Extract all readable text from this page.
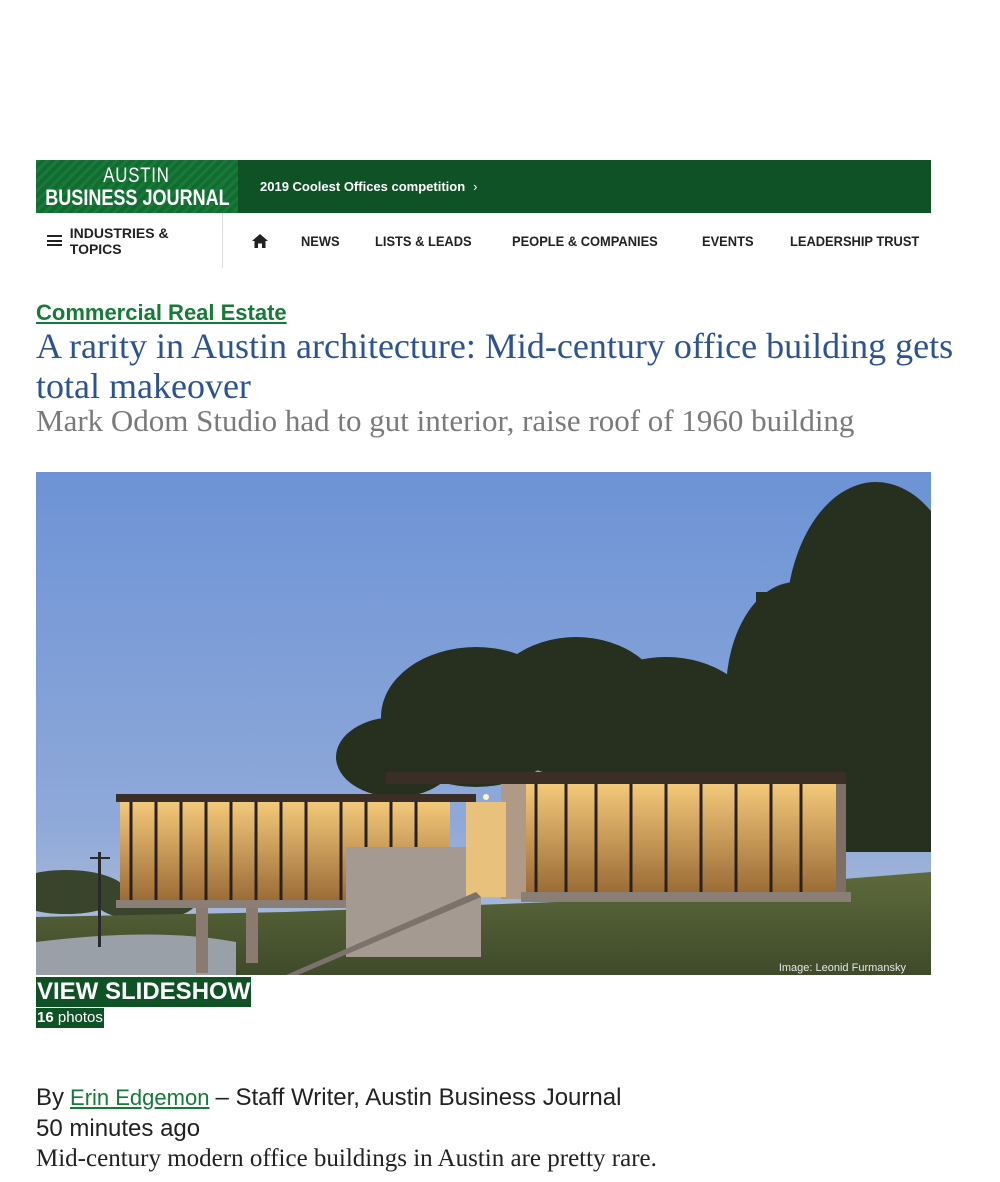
AUSTIN
BUSINESS JOURNAL 2019 Coolest Offices competition ›
INDUSTRIES & TOPICS	NEWS	LISTS & LEADS	PEOPLE & COMPANIES	EVENTS	LEADERSHIP TRUST
Commercial Real Estate
A rarity in Austin architecture: Mid-century office building gets total makeover

Mark Odom Studio had to gut interior, raise roof of 1960 building

Image: Leonid Furmansky
VIEW SLIDESHOW
16 photos
By Erin Edgemon – Staff Writer, Austin Business Journal
50 minutes ago

Mid-century modern office buildings in Austin are pretty rare.
